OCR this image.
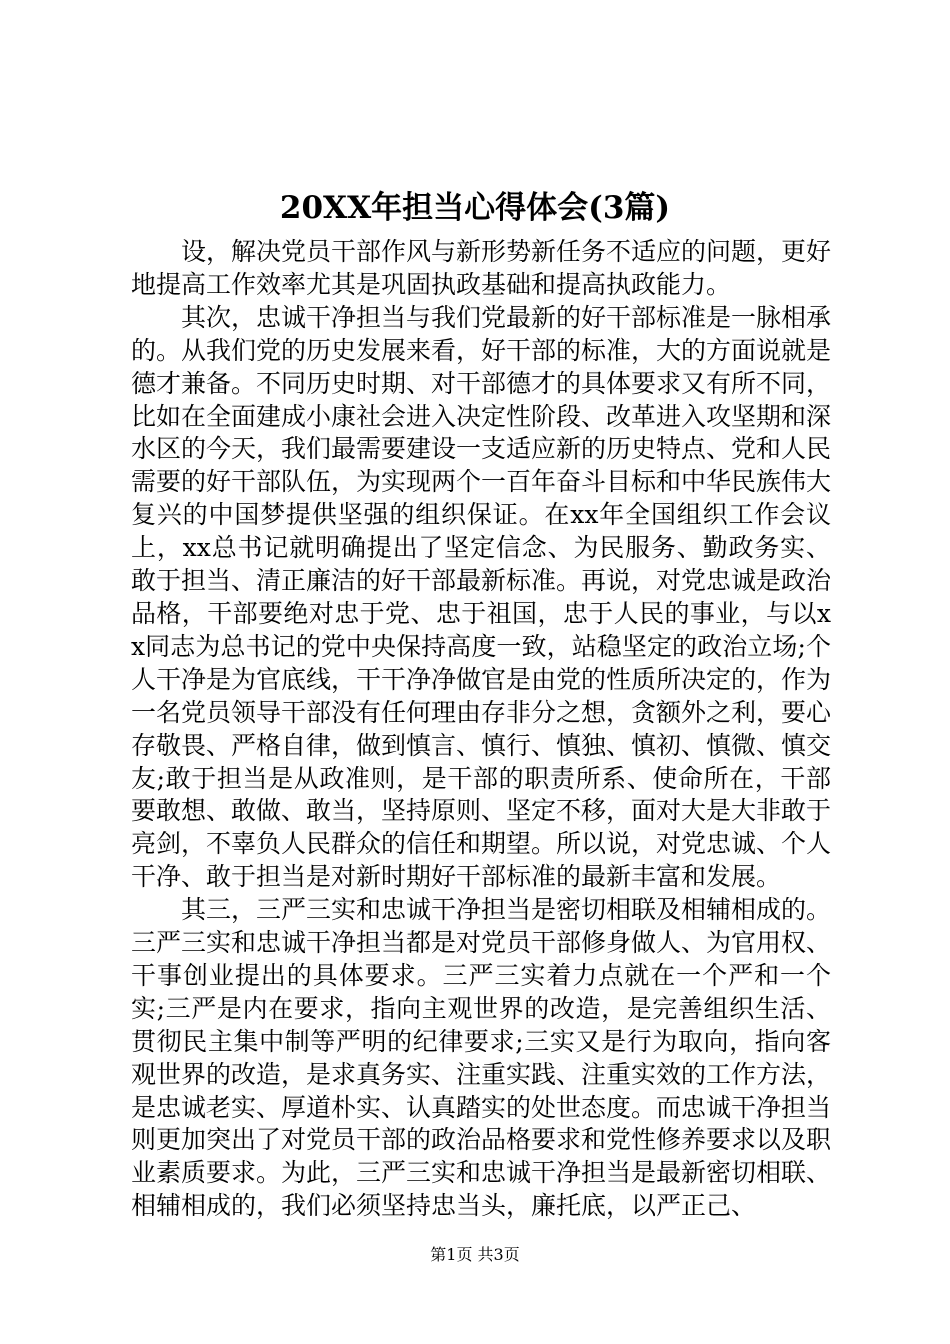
20XX年担当心得体会(3篇)

设，解决党员干部作风与新形势新任务不适应的问题，更好地提高工作效率尤其是巩固执政基础和提高执政能力。

其次，忠诚干净担当与我们党最新的好干部标准是一脉相承的。从我们党的历史发展来看，好干部的标准，大的方面说就是德才兼备。不同历史时期、对干部德才的具体要求又有所不同，比如在全面建成小康社会进入决定性阶段、改革进入攻坚期和深水区的今天，我们最需要建设一支适应新的历史特点、党和人民需要的好干部队伍，为实现两个一百年奋斗目标和中华民族伟大复兴的中国梦提供坚强的组织保证。在xx年全国组织工作会议上，xx总书记就明确提出了坚定信念、为民服务、勤政务实、敢于担当、清正廉洁的好干部最新标准。再说，对党忠诚是政治品格，干部要绝对忠于党、忠于祖国，忠于人民的事业，与以xx同志为总书记的党中央保持高度一致，站稳坚定的政治立场;个人干净是为官底线，干干净净做官是由党的性质所决定的，作为一名党员领导干部没有任何理由存非分之想，贪额外之利，要心存敬畏、严格自律，做到慎言、慎行、慎独、慎初、慎微、慎交友;敢于担当是从政准则，是干部的职责所系、使命所在，干部要敢想、敢做、敢当，坚持原则、坚定不移，面对大是大非敢于亮剑，不辜负人民群众的信任和期望。所以说，对党忠诚、个人干净、敢于担当是对新时期好干部标准的最新丰富和发展。

其三，三严三实和忠诚干净担当是密切相联及相辅相成的。三严三实和忠诚干净担当都是对党员干部修身做人、为官用权、干事创业提出的具体要求。三严三实着力点就在一个严和一个实;三严是内在要求，指向主观世界的改造，是完善组织生活、贯彻民主集中制等严明的纪律要求;三实又是行为取向，指向客观世界的改造，是求真务实、注重实践、注重实效的工作方法，是忠诚老实、厚道朴实、认真踏实的处世态度。而忠诚干净担当则更加突出了对党员干部的政治品格要求和党性修养要求以及职业素质要求。为此，三严三实和忠诚干净担当是最新密切相联、相辅相成的，我们必须坚持忠当头，廉托底，以严正己、

第1页 共3页
